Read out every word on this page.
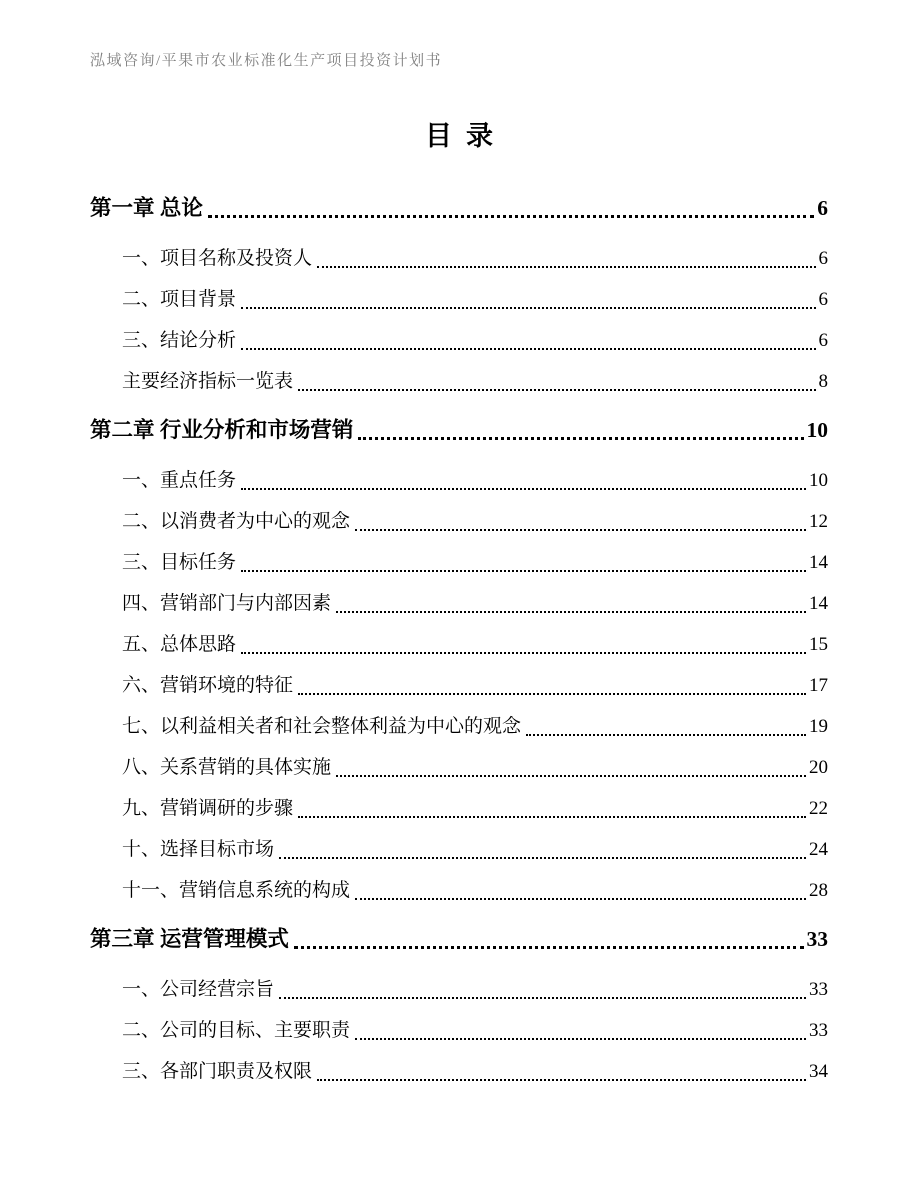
泓域咨询/平果市农业标准化生产项目投资计划书
目录
第一章 总论	6
一、项目名称及投资人	6
二、项目背景	6
三、结论分析	6
主要经济指标一览表	8
第二章 行业分析和市场营销	10
一、重点任务	10
二、以消费者为中心的观念	12
三、目标任务	14
四、营销部门与内部因素	14
五、总体思路	15
六、营销环境的特征	17
七、以利益相关者和社会整体利益为中心的观念	19
八、关系营销的具体实施	20
九、营销调研的步骤	22
十、选择目标市场	24
十一、营销信息系统的构成	28
第三章 运营管理模式	33
一、公司经营宗旨	33
二、公司的目标、主要职责	33
三、各部门职责及权限	34
